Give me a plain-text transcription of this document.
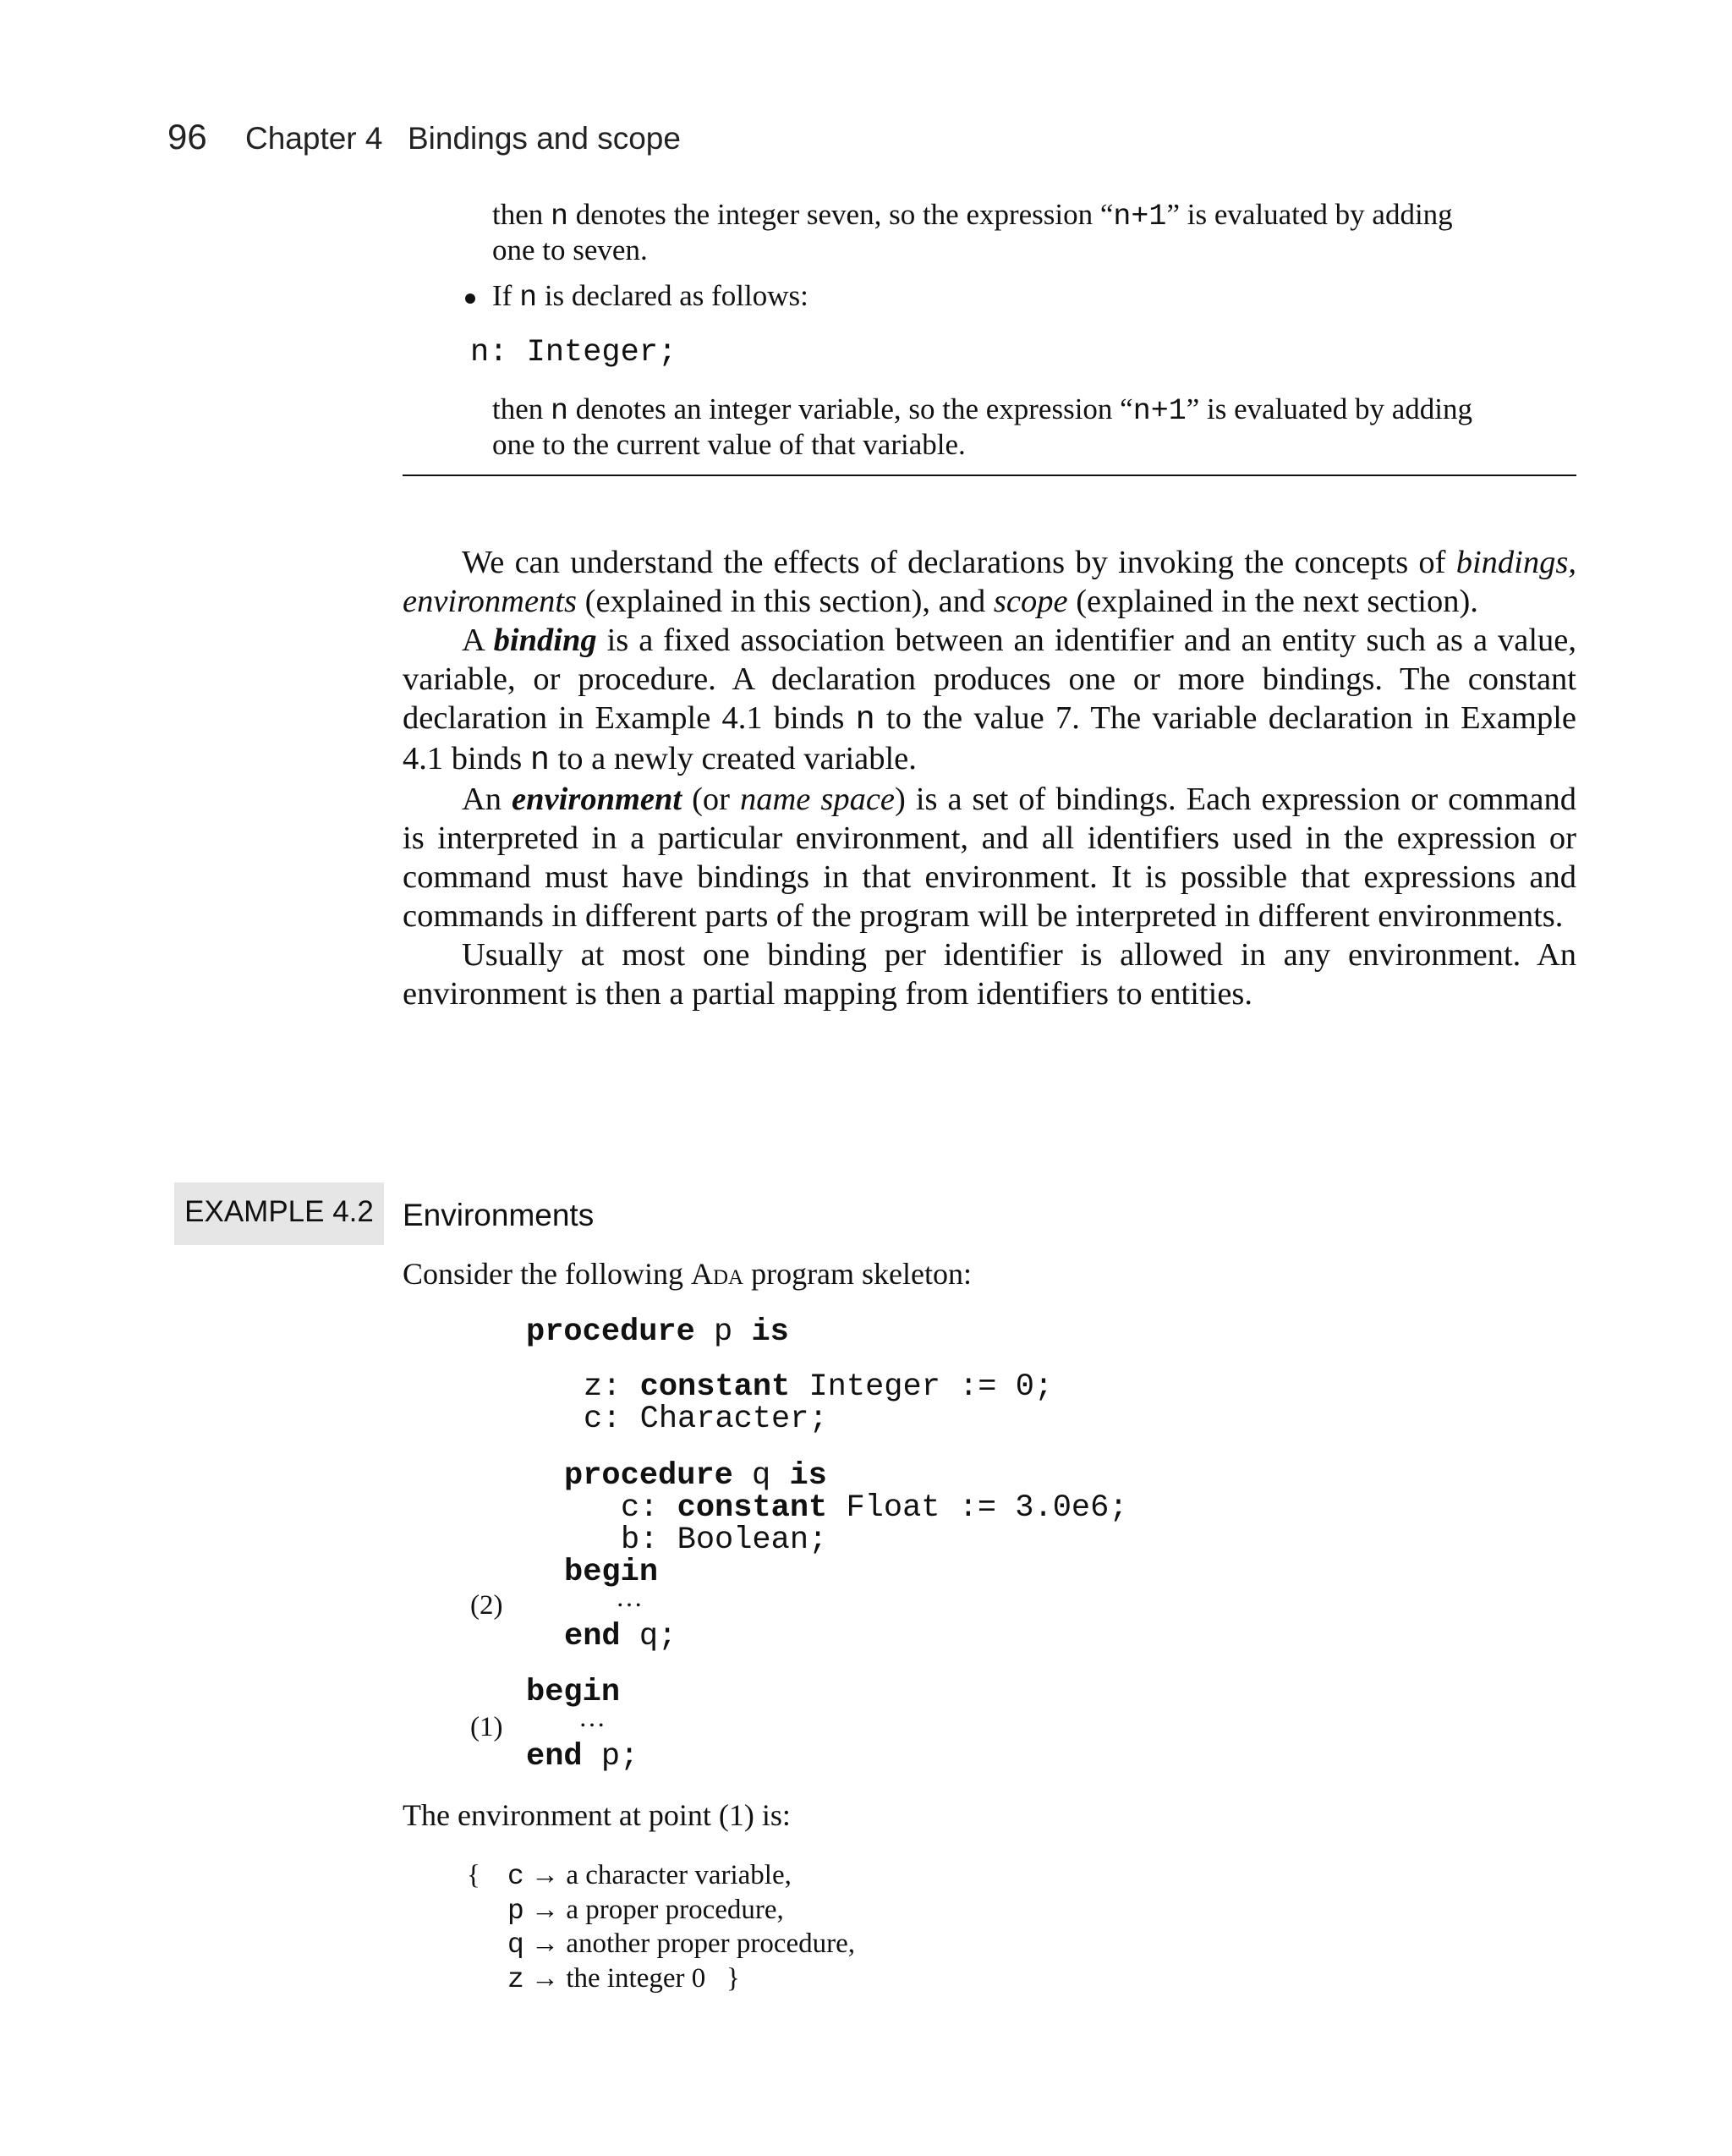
96 Chapter 4 Bindings and scope
then n denotes the integer seven, so the expression “n+1” is evaluated by adding
one to seven.
If n is declared as follows:
n: Integer;
then n denotes an integer variable, so the expression “n+1” is evaluated by adding
one to the current value of that variable.
We can understand the effects of declarations by invoking the concepts of bindings, environments (explained in this section), and scope (explained in the next section).
A binding is a fixed association between an identifier and an entity such as a value, variable, or procedure. A declaration produces one or more bindings. The constant declaration in Example 4.1 binds n to the value 7. The variable declaration in Example 4.1 binds n to a newly created variable.
An environment (or name space) is a set of bindings. Each expression or command is interpreted in a particular environment, and all identifiers used in the expression or command must have bindings in that environment. It is possible that expressions and commands in different parts of the program will be interpreted in different environments.
Usually at most one binding per identifier is allowed in any environment. An environment is then a partial mapping from identifiers to entities.
EXAMPLE 4.2 Environments
Consider the following Ada program skeleton:
procedure p is
z: constant Integer := 0;
c: Character;
procedure q is
c: constant Float := 3.0e6;
b: Boolean;
begin
(2)	…
end q;
begin
(1)	…
end p;
The environment at point (1) is:
{ c → a character variable,
p → a proper procedure,
q → another proper procedure,
z → the integer 0 }
